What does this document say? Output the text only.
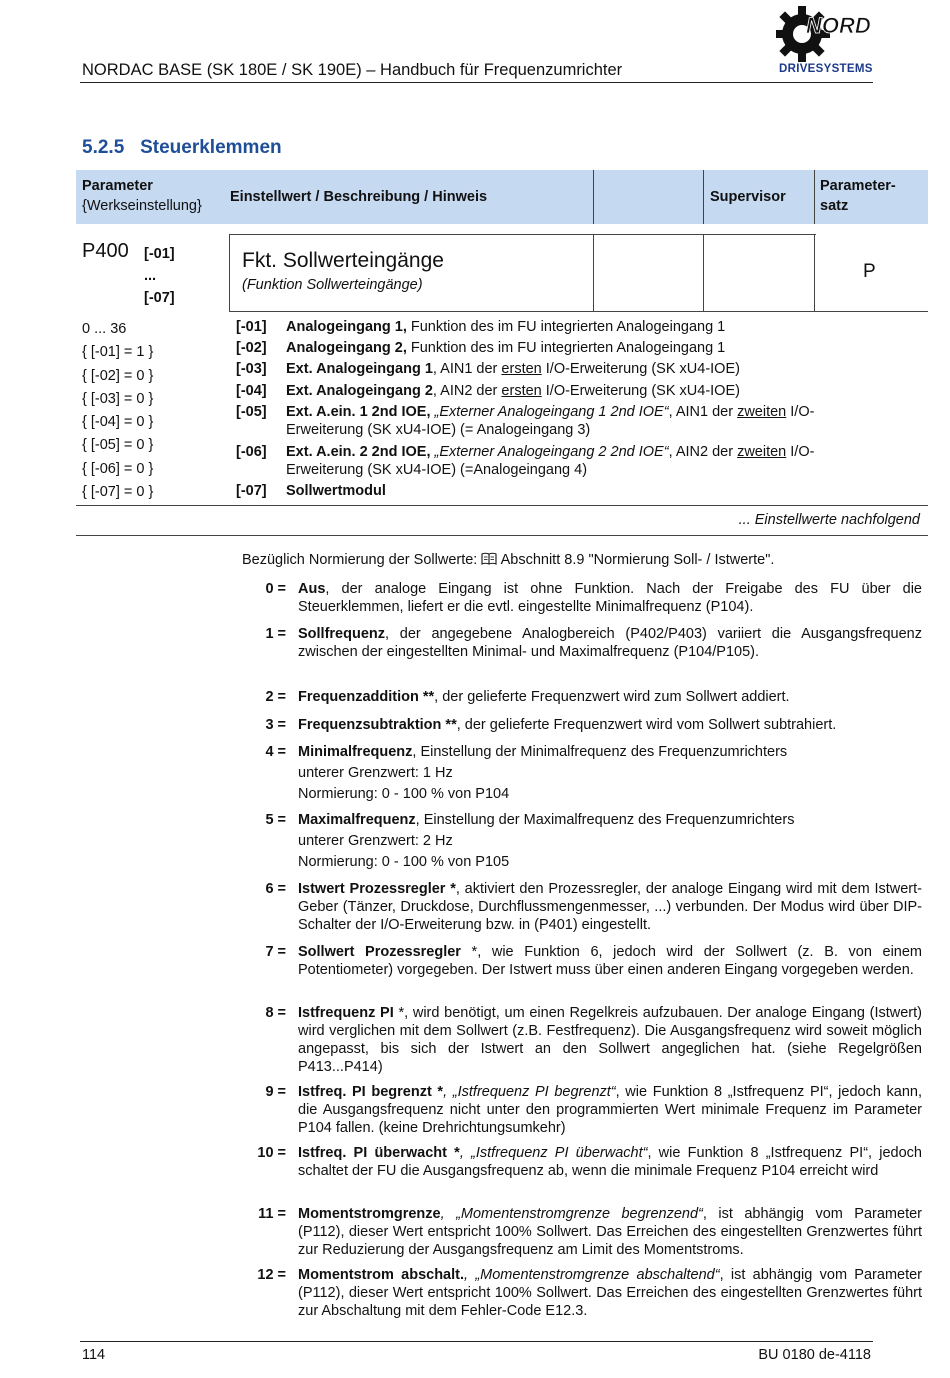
NORDAC BASE (SK 180E / SK 190E) – Handbuch für Frequenzumrichter
NORD
DRIVESYSTEMS
5.2.5 Steuerklemmen
Parameter
{Werkseinstellung}
Einstellwert / Beschreibung / Hinweis	Supervisor
Parameter-
satz
P400 [-01]
...
[-07]
Fkt. Sollwerteingänge
(Funktion Sollwerteingänge)
P
0 ... 36
{ [-01] = 1 }
{ [-02] = 0 }
{ [-03] = 0 }
{ [-04] = 0 }
{ [-05] = 0 }
{ [-06] = 0 }
{ [-07] = 0 }
[-01] Analogeingang 1, Funktion des im FU integrierten Analogeingang 1
[-02] Analogeingang 2, Funktion des im FU integrierten Analogeingang 1
[-03] Ext. Analogeingang 1, AIN1 der ersten I/O-Erweiterung (SK xU4-IOE)
[-04] Ext. Analogeingang 2, AIN2 der ersten I/O-Erweiterung (SK xU4-IOE)
[-05] Ext. A.ein. 1 2nd IOE, „Externer Analogeingang 1 2nd IOE“, AIN1 der zweiten I/O-
Erweiterung (SK xU4-IOE) (= Analogeingang 3)
[-06] Ext. A.ein. 2 2nd IOE, „Externer Analogeingang 2 2nd IOE“, AIN2 der zweiten I/O-
Erweiterung (SK xU4-IOE) (=Analogeingang 4)
[-07] Sollwertmodul
... Einstellwerte nachfolgend
Bezüglich Normierung der Sollwerte:  Abschnitt 8.9 "Normierung Soll- / Istwerte".
0 = Aus, der analoge Eingang ist ohne Funktion. Nach der Freigabe des FU über die Steuerklemmen, liefert er die evtl. eingestellte Minimalfrequenz (P104).
1 = Sollfrequenz, der angegebene Analogbereich (P402/P403) variiert die Ausgangsfrequenz zwischen der eingestellten Minimal- und Maximalfrequenz (P104/P105).
2 = Frequenzaddition **, der gelieferte Frequenzwert wird zum Sollwert addiert.
3 = Frequenzsubtraktion **, der gelieferte Frequenzwert wird vom Sollwert subtrahiert.
4 = Minimalfrequenz, Einstellung der Minimalfrequenz des Frequenzumrichters
unterer Grenzwert: 1 Hz
Normierung: 0 - 100 % von P104
5 = Maximalfrequenz, Einstellung der Maximalfrequenz des Frequenzumrichters
unterer Grenzwert: 2 Hz
Normierung: 0 - 100 % von P105
6 = Istwert Prozessregler *, aktiviert den Prozessregler, der analoge Eingang wird mit dem Istwert-Geber (Tänzer, Druckdose, Durchflussmengenmesser, ...) verbunden. Der Modus wird über DIP-Schalter der I/O-Erweiterung bzw. in (P401) eingestellt.
7 = Sollwert Prozessregler *, wie Funktion 6, jedoch wird der Sollwert (z. B. von einem Potentiometer) vorgegeben. Der Istwert muss über einen anderen Eingang vorgegeben werden.
8 = Istfrequenz PI *, wird benötigt, um einen Regelkreis aufzubauen. Der analoge Eingang (Istwert) wird verglichen mit dem Sollwert (z.B. Festfrequenz). Die Ausgangsfrequenz wird soweit möglich angepasst, bis sich der Istwert an den Sollwert angeglichen hat. (siehe Regelgrößen P413...P414)
9 = Istfreq. PI begrenzt *, „Istfrequenz PI begrenzt“, wie Funktion 8 „Istfrequenz PI“, jedoch kann, die Ausgangsfrequenz nicht unter den programmierten Wert minimale Frequenz im Parameter P104 fallen. (keine Drehrichtungsumkehr)
10 = Istfreq. PI überwacht *, „Istfrequenz PI überwacht“, wie Funktion 8 „Istfrequenz PI“, jedoch schaltet der FU die Ausgangsfrequenz ab, wenn die minimale Frequenz P104 erreicht wird
11 = Momentstromgrenze, „Momentenstromgrenze begrenzend“, ist abhängig vom Parameter (P112), dieser Wert entspricht 100% Sollwert. Das Erreichen des eingestellten Grenzwertes führt zur Reduzierung der Ausgangsfrequenz am Limit des Momentstroms.
12 = Momentstrom abschalt., „Momentenstromgrenze abschaltend“, ist abhängig vom Parameter (P112), dieser Wert entspricht 100% Sollwert. Das Erreichen des eingestellten Grenzwertes führt zur Abschaltung mit dem Fehler-Code E12.3.
114	BU 0180 de-4118
